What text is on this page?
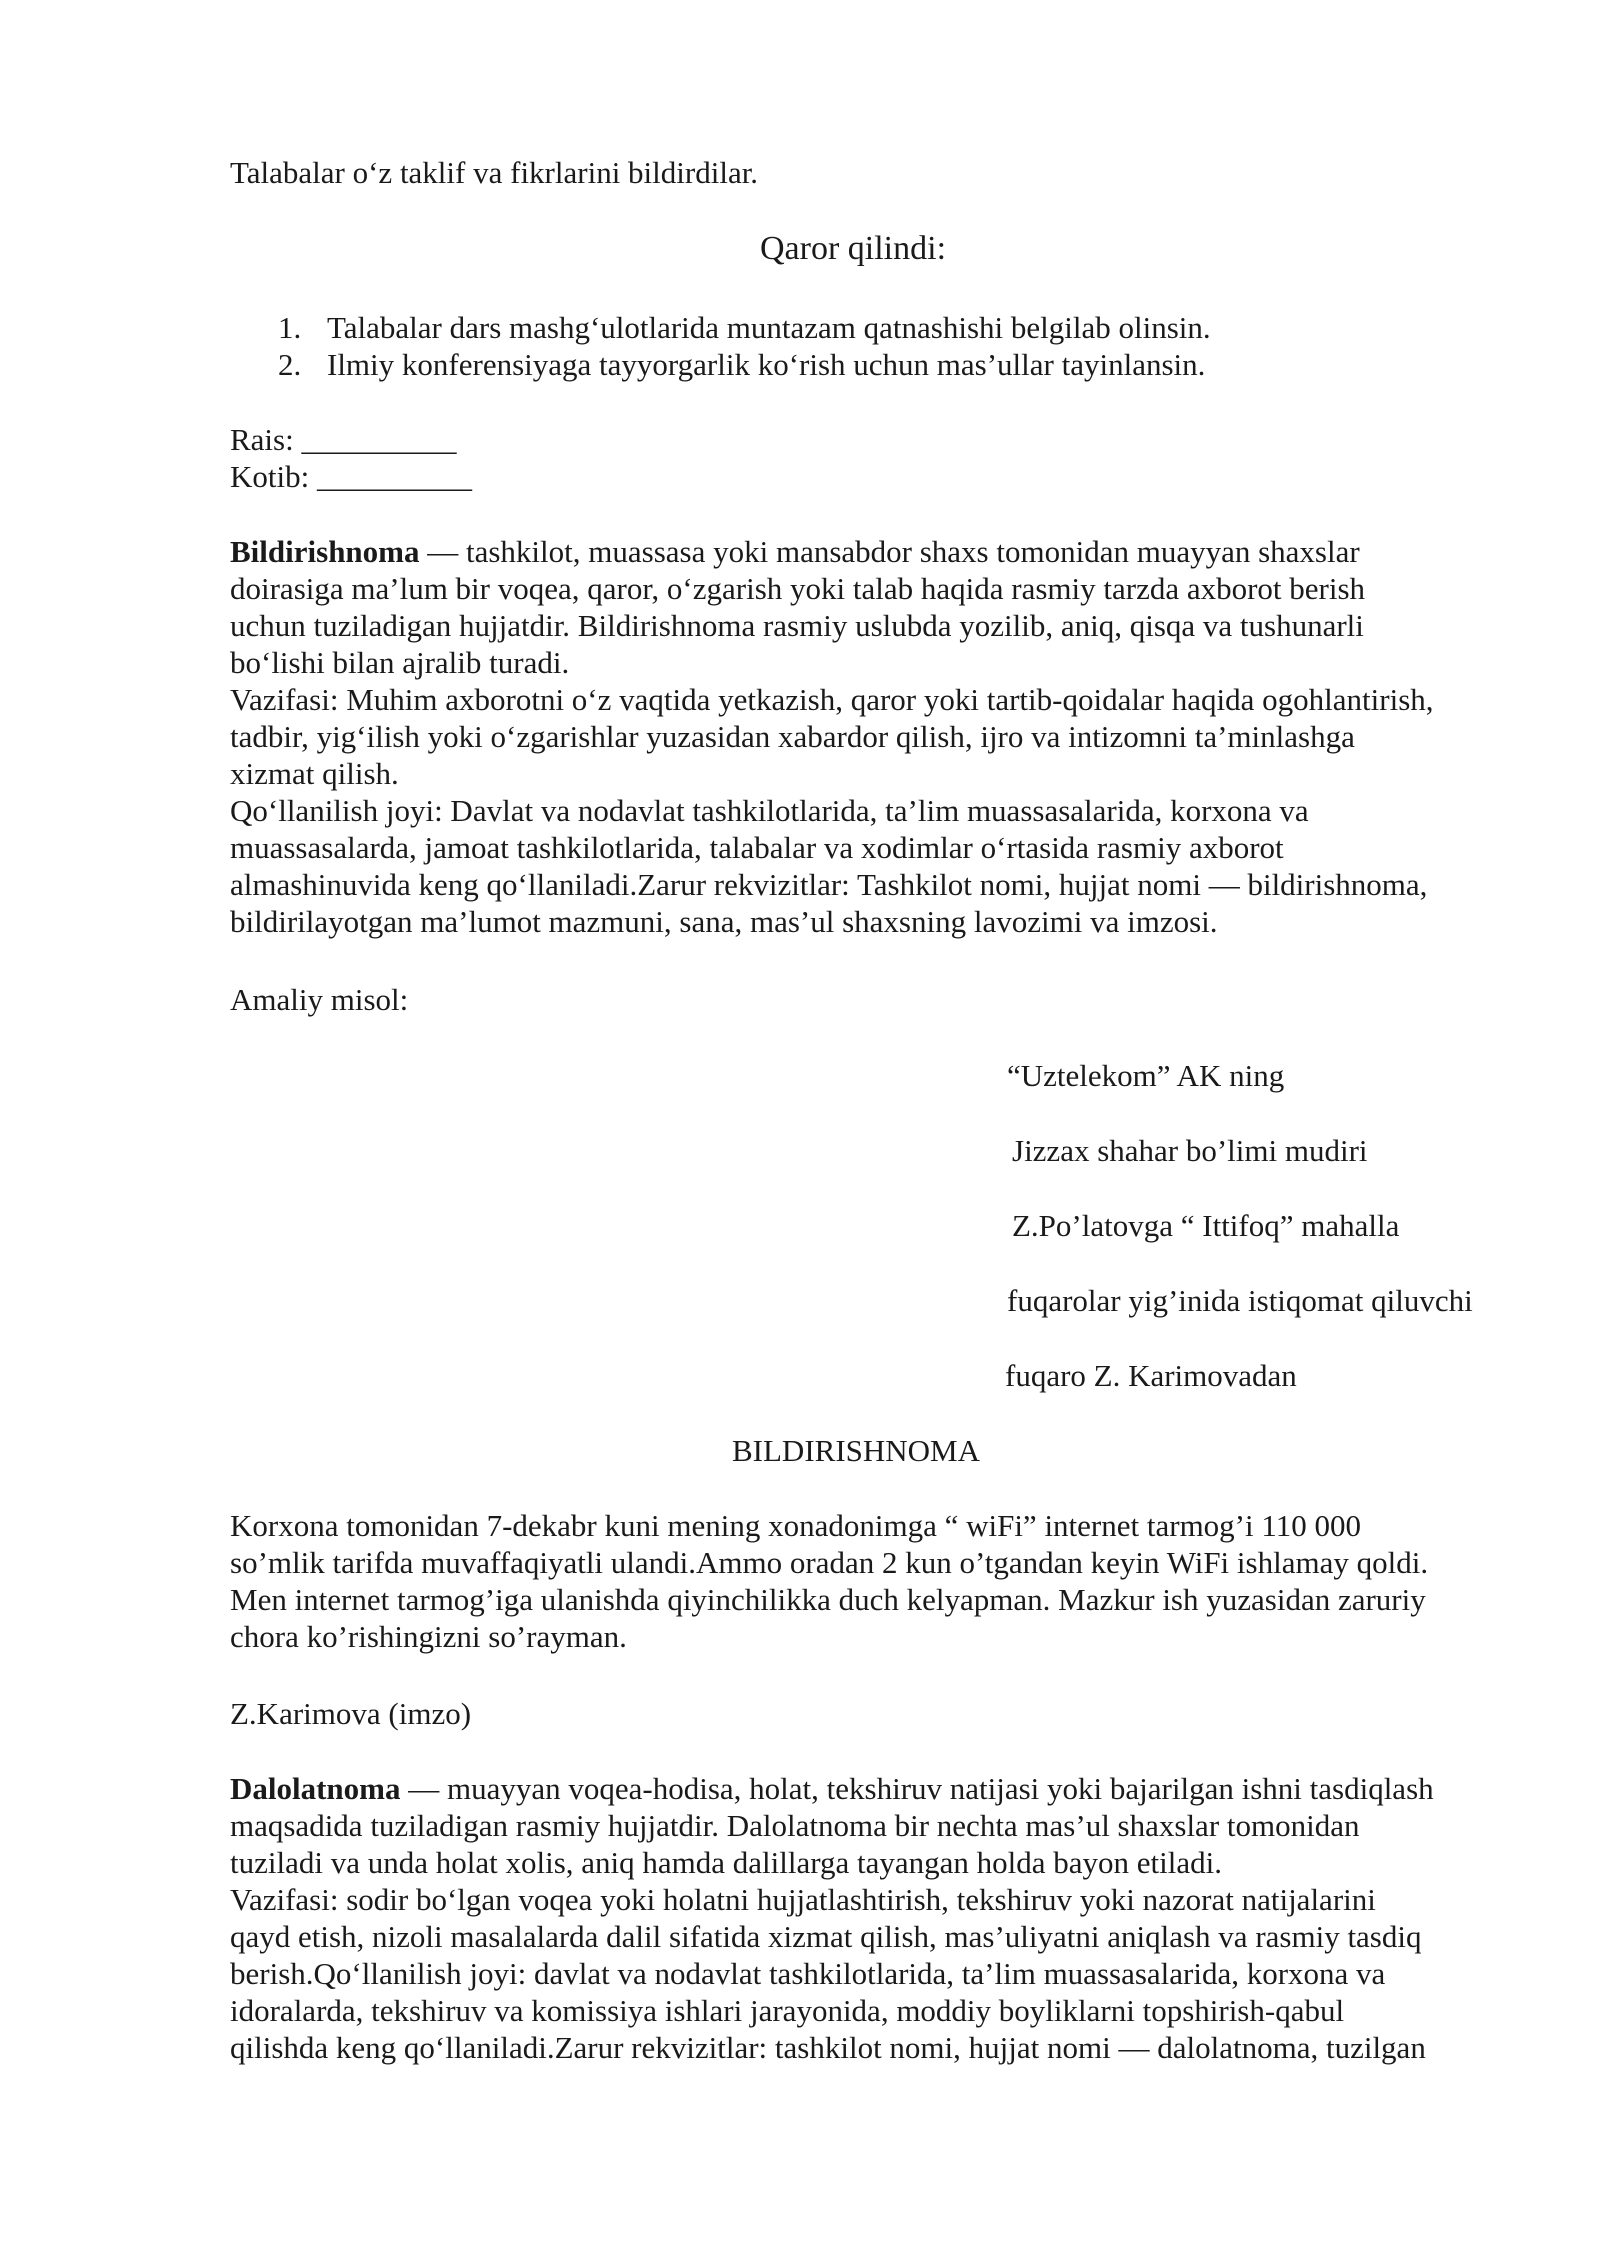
Talabalar o‘z taklif va fikrlarini bildirdilar.
Qaror qilindi:
1. Talabalar dars mashg‘ulotlarida muntazam qatnashishi belgilab olinsin.
2. Ilmiy konferensiyaga tayyorgarlik ko‘rish uchun mas’ullar tayinlansin.
Rais: __________
Kotib: __________
Bildirishnoma — tashkilot, muassasa yoki mansabdor shaxs tomonidan muayyan shaxslar
doirasiga ma’lum bir voqea, qaror, o‘zgarish yoki talab haqida rasmiy tarzda axborot berish
uchun tuziladigan hujjatdir. Bildirishnoma rasmiy uslubda yozilib, aniq, qisqa va tushunarli
bo‘lishi bilan ajralib turadi.
Vazifasi: Muhim axborotni o‘z vaqtida yetkazish, qaror yoki tartib-qoidalar haqida ogohlantirish,
tadbir, yig‘ilish yoki o‘zgarishlar yuzasidan xabardor qilish, ijro va intizomni ta’minlashga
xizmat qilish.
Qo‘llanilish joyi: Davlat va nodavlat tashkilotlarida, ta’lim muassasalarida, korxona va
muassasalarda, jamoat tashkilotlarida, talabalar va xodimlar o‘rtasida rasmiy axborot
almashinuvida keng qo‘llaniladi.Zarur rekvizitlar: Tashkilot nomi, hujjat nomi — bildirishnoma,
bildirilayotgan ma’lumot mazmuni, sana, mas’ul shaxsning lavozimi va imzosi.
Amaliy misol:
“Uztelekom” AK ning
Jizzax shahar bo’limi mudiri
Z.Po’latovga “ Ittifoq” mahalla
fuqarolar yig’inida istiqomat qiluvchi
fuqaro Z. Karimovadan
BILDIRISHNOMA
Korxona tomonidan 7-dekabr kuni mening xonadonimga “ wiFi” internet tarmog’i 110 000
so’mlik tarifda muvaffaqiyatli ulandi.Ammo oradan 2 kun o’tgandan keyin WiFi ishlamay qoldi.
Men internet tarmog’iga ulanishda qiyinchilikka duch kelyapman. Mazkur ish yuzasidan zaruriy
chora ko’rishingizni so’rayman.
Z.Karimova (imzo)
Dalolatnoma — muayyan voqea-hodisa, holat, tekshiruv natijasi yoki bajarilgan ishni tasdiqlash
maqsadida tuziladigan rasmiy hujjatdir. Dalolatnoma bir nechta mas’ul shaxslar tomonidan
tuziladi va unda holat xolis, aniq hamda dalillarga tayangan holda bayon etiladi.
Vazifasi: sodir bo‘lgan voqea yoki holatni hujjatlashtirish, tekshiruv yoki nazorat natijalarini
qayd etish, nizoli masalalarda dalil sifatida xizmat qilish, mas’uliyatni aniqlash va rasmiy tasdiq
berish.Qo‘llanilish joyi: davlat va nodavlat tashkilotlarida, ta’lim muassasalarida, korxona va
idoralarda, tekshiruv va komissiya ishlari jarayonida, moddiy boyliklarni topshirish-qabul
qilishda keng qo‘llaniladi.Zarur rekvizitlar: tashkilot nomi, hujjat nomi — dalolatnoma, tuzilgan
